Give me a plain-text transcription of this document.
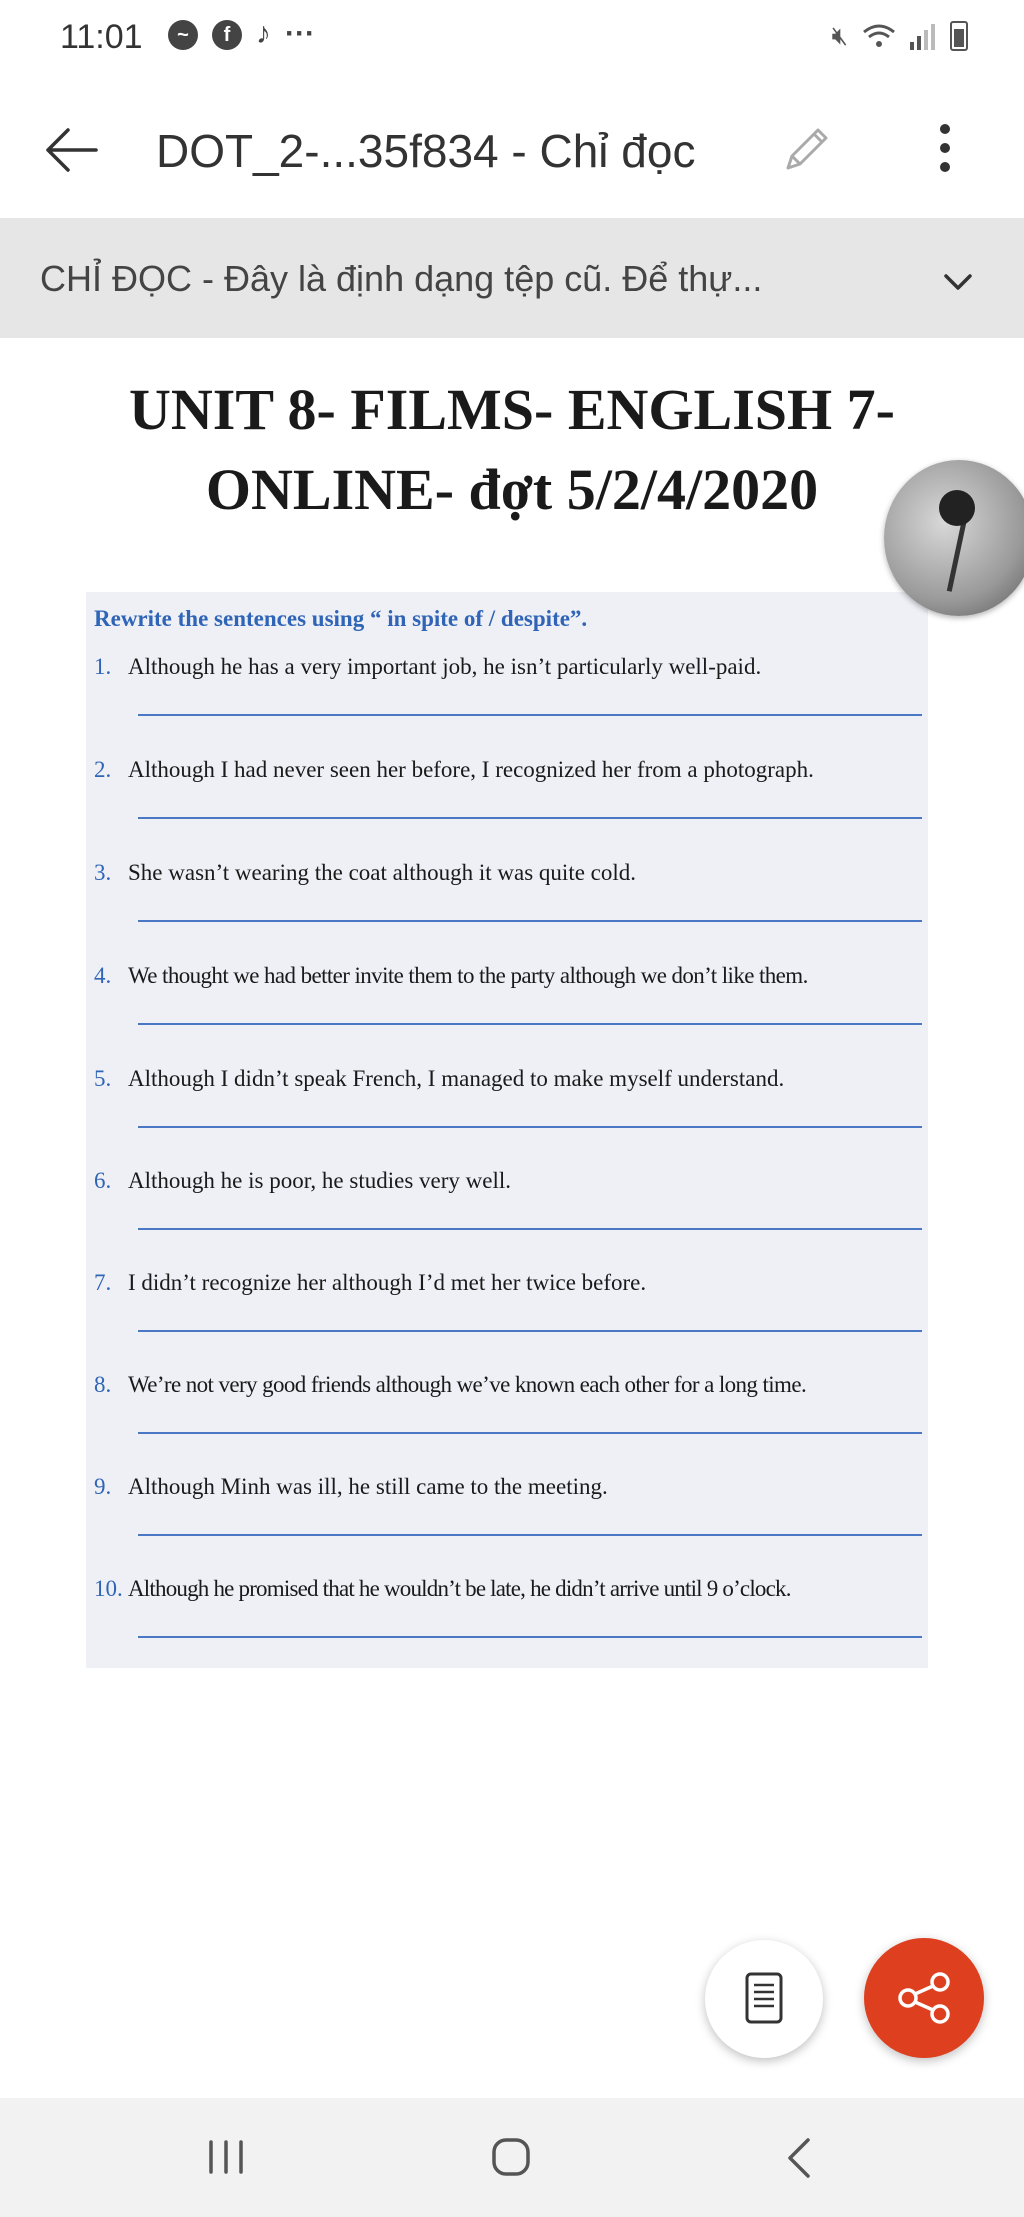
11:01	~	f ♪ ···	🔇︎
DOT_2-...35f834 - Chỉ đọc
CHỈ ĐỌC - Đây là định dạng tệp cũ. Để thự...
UNIT 8- FILMS- ENGLISH 7-
ONLINE- đợt 5/2/4/2020
Rewrite the sentences using “ in spite of / despite”.
1. Although he has a very important job, he isn’t particularly well-paid.
2. Although I had never seen her before, I recognized her from a photograph.
3. She wasn’t wearing the coat although it was quite cold.
4. We thought we had better invite them to the party although we don’t like them.
5. Although I didn’t speak French, I managed to make myself understand.
6. Although he is poor, he studies very well.
7. I didn’t recognize her although I’d met her twice before.
8. We’re not very good friends although we’ve known each other for a long time.
9. Although Minh was ill, he still came to the meeting.
10. Although he promised that he wouldn’t be late, he didn’t arrive until 9 o’clock.
